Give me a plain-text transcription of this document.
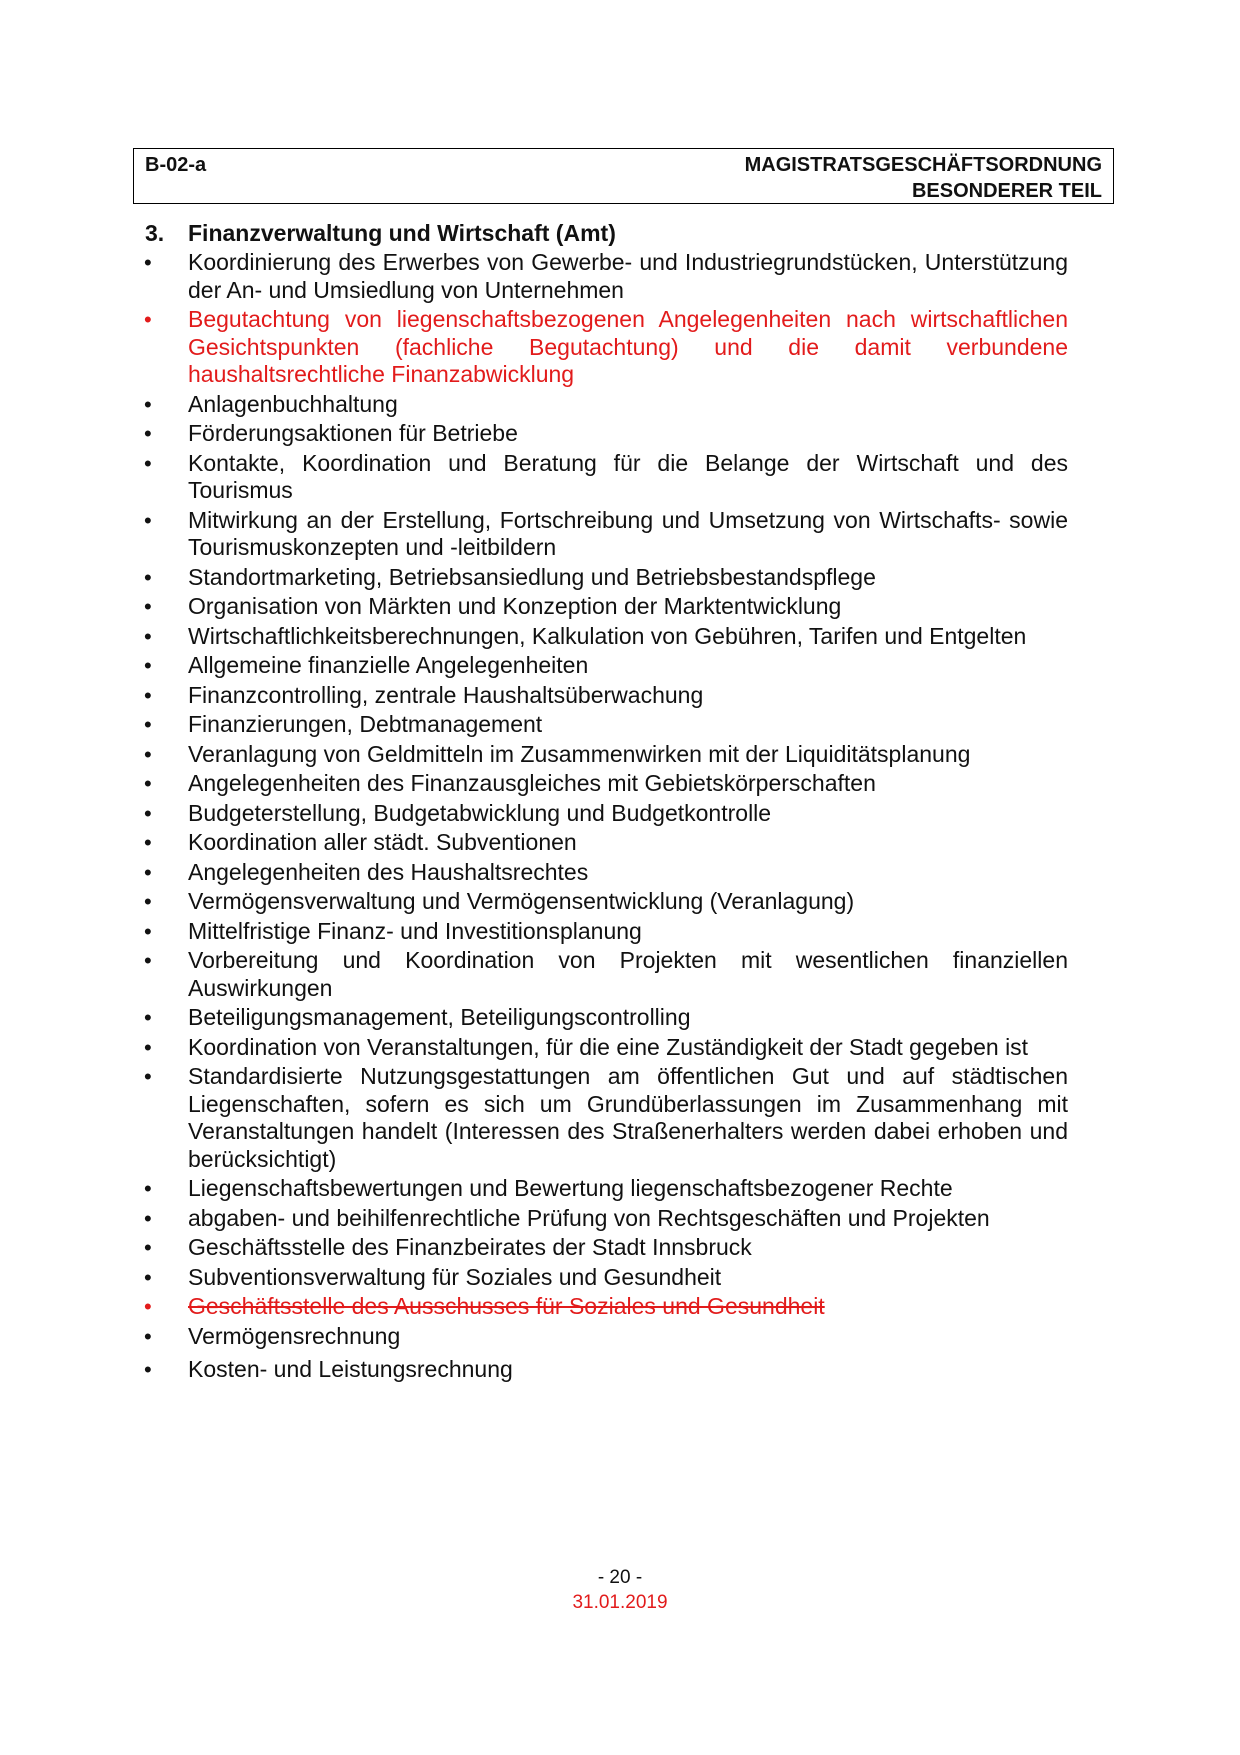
B-02-a	MAGISTRATSGESCHÄFTSORDNUNG
BESONDERER TEIL
3. Finanzverwaltung und Wirtschaft (Amt)
• Koordinierung des Erwerbes von Gewerbe- und Industriegrundstücken, Unterstützung der An- und Umsiedlung von Unternehmen
• Begutachtung von liegenschaftsbezogenen Angelegenheiten nach wirtschaftlichen Gesichtspunkten (fachliche Begutachtung) und die damit verbundene haushaltsrechtliche Finanzabwicklung
• Anlagenbuchhaltung
• Förderungsaktionen für Betriebe
• Kontakte, Koordination und Beratung für die Belange der Wirtschaft und des Tourismus
• Mitwirkung an der Erstellung, Fortschreibung und Umsetzung von Wirtschafts- sowie Tourismuskonzepten und -leitbildern
• Standortmarketing, Betriebsansiedlung und Betriebsbestandspflege
• Organisation von Märkten und Konzeption der Marktentwicklung
• Wirtschaftlichkeitsberechnungen, Kalkulation von Gebühren, Tarifen und Entgelten
• Allgemeine finanzielle Angelegenheiten
• Finanzcontrolling, zentrale Haushaltsüberwachung
• Finanzierungen, Debtmanagement
• Veranlagung von Geldmitteln im Zusammenwirken mit der Liquiditätsplanung
• Angelegenheiten des Finanzausgleiches mit Gebietskörperschaften
• Budgeterstellung, Budgetabwicklung und Budgetkontrolle
• Koordination aller städt. Subventionen
• Angelegenheiten des Haushaltsrechtes
• Vermögensverwaltung und Vermögensentwicklung (Veranlagung)
• Mittelfristige Finanz- und Investitionsplanung
• Vorbereitung und Koordination von Projekten mit wesentlichen finanziellen Auswirkungen
• Beteiligungsmanagement, Beteiligungscontrolling
• Koordination von Veranstaltungen, für die eine Zuständigkeit der Stadt gegeben ist
• Standardisierte Nutzungsgestattungen am öffentlichen Gut und auf städtischen Liegenschaften, sofern es sich um Grundüberlassungen im Zusammenhang mit Veranstaltungen handelt (Interessen des Straßenerhalters werden dabei erhoben und berücksichtigt)
• Liegenschaftsbewertungen und Bewertung liegenschaftsbezogener Rechte
• abgaben- und beihilfenrechtliche Prüfung von Rechtsgeschäften und Projekten
• Geschäftsstelle des Finanzbeirates der Stadt Innsbruck
• Subventionsverwaltung für Soziales und Gesundheit
• Geschäftsstelle des Ausschusses für Soziales und Gesundheit
• Vermögensrechnung
• Kosten- und Leistungsrechnung
- 20 -
31.01.2019
